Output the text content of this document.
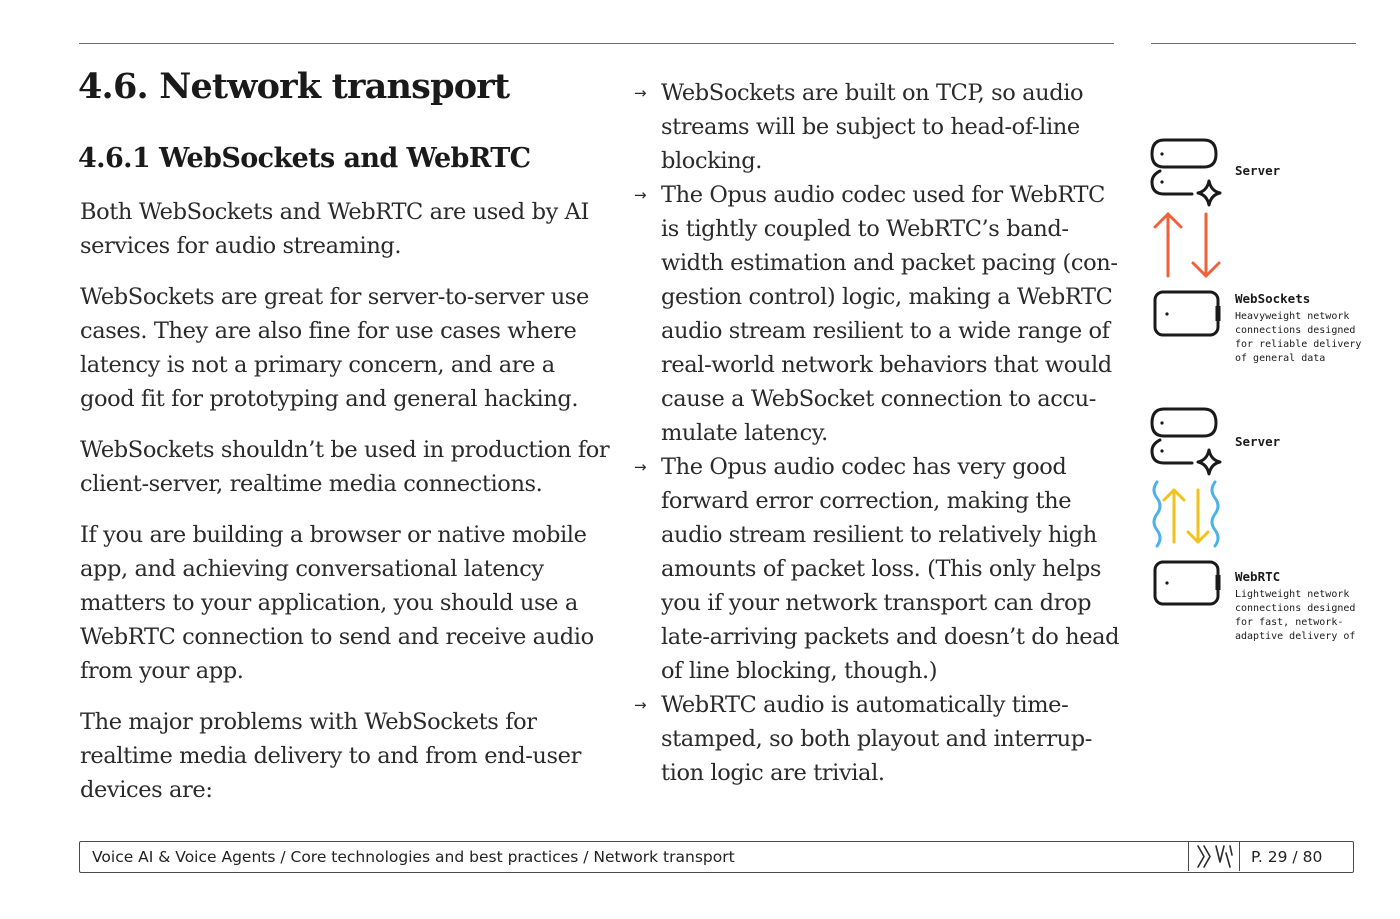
4.6. Network transport
4.6.1 WebSockets and WebRTC

Both WebSockets and WebRTC are used by AI services for audio streaming.

WebSockets are great for server-to-server use cases. They are also fine for use cases where latency is not a primary concern, and are a good fit for prototyping and general hacking.

WebSockets shouldn’t be used in production for client-server, realtime media connections.

If you are building a browser or native mobile app, and achieving conversational latency matters to your application, you should use a WebRTC connection to send and receive audio from your app.

The major problems with WebSockets for realtime media delivery to and from end-user devices are:

→ WebSockets are built on TCP, so audio streams will be subject to head-of-line blocking.
→ The Opus audio codec used for WebRTC is tightly coupled to WebRTC’s band-width estimation and packet pacing (con-gestion control) logic, making a WebRTC audio stream resilient to a wide range of real-world network behaviors that would cause a WebSocket connection to accu-mulate latency.
→ The Opus audio codec has very good forward error correction, making the audio stream resilient to relatively high amounts of packet loss. (This only helps you if your network transport can drop late-arriving packets and doesn’t do head of line blocking, though.)
→ WebRTC audio is automatically time-stamped, so both playout and interrup-tion logic are trivial.
Server
WebSockets
Heavyweight network connections designed for reliable delivery of general data
Server
WebRTC
Lightweight network connections designed for fast, network-adaptive delivery of
Voice AI & Voice Agents / Core technologies and best practices / Network transport	P. 29 / 80
